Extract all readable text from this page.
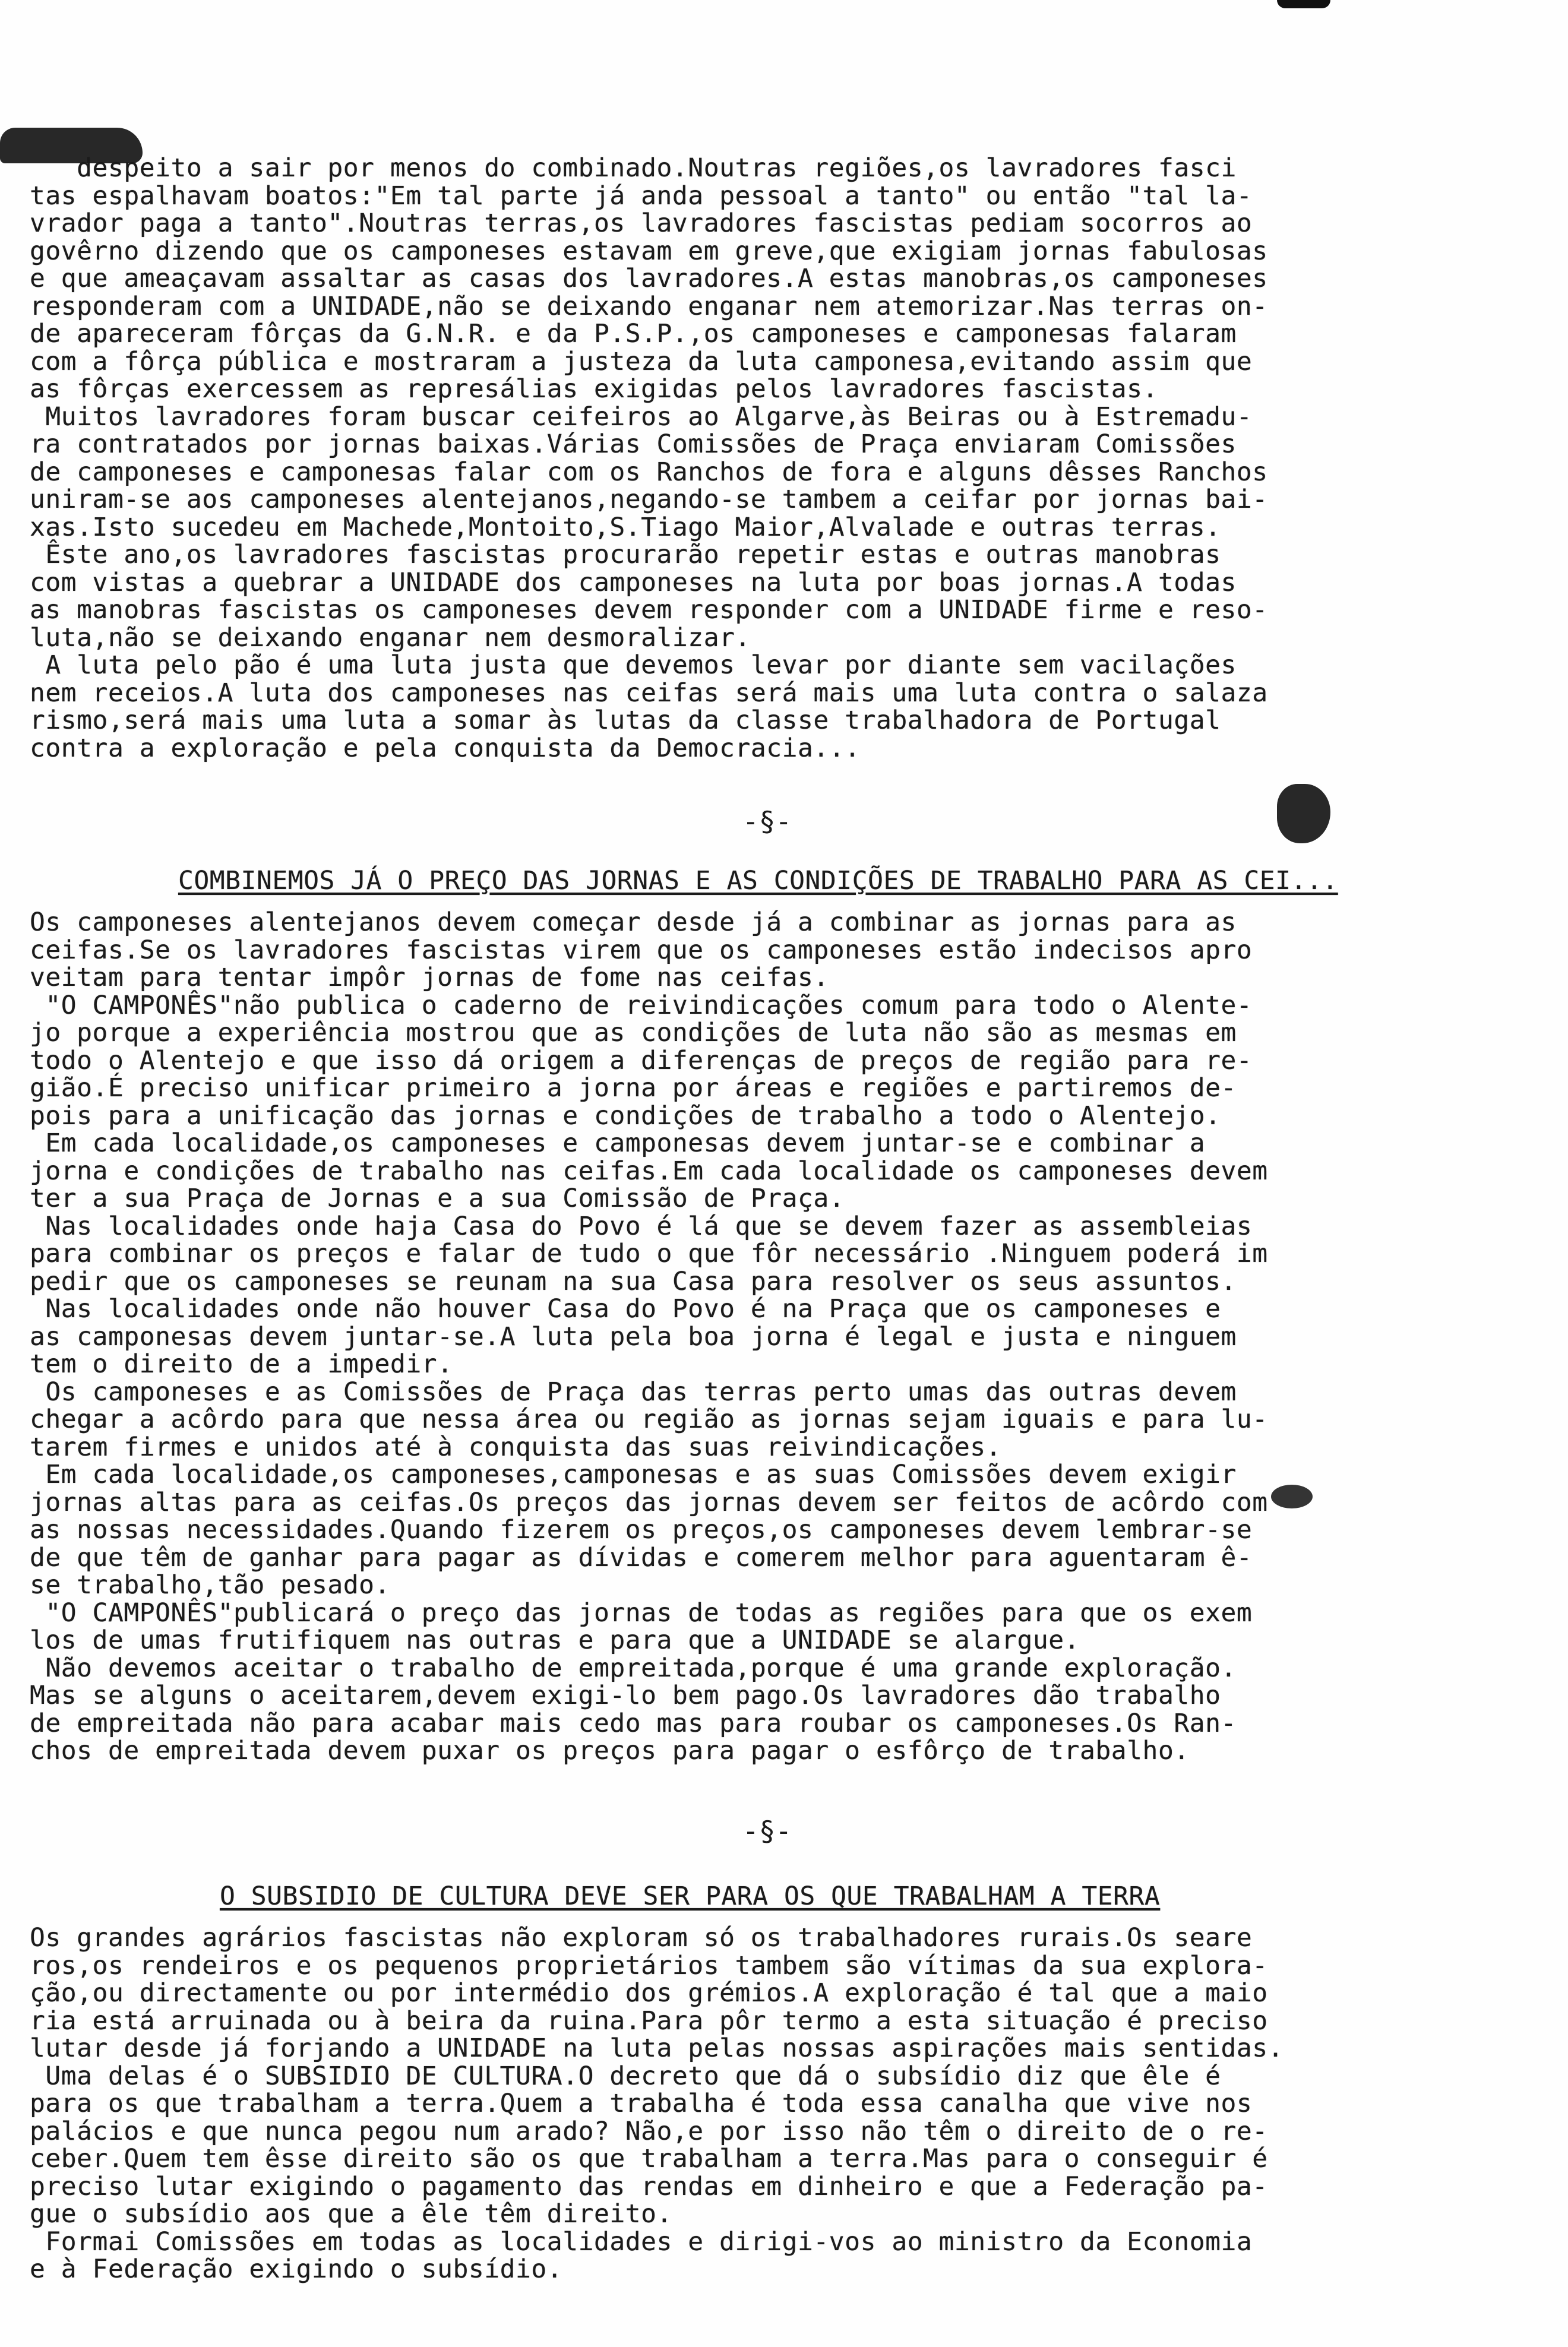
despeito a sair por menos do combinado.Noutras regiões,os lavradores fasci
tas espalhavam boatos:"Em tal parte já anda pessoal a tanto" ou então "tal la-
vrador paga a tanto".Noutras terras,os lavradores fascistas pediam socorros ao
govêrno dizendo que os camponeses estavam em greve,que exigiam jornas fabulosas
e que ameaçavam assaltar as casas dos lavradores.A estas manobras,os camponeses
responderam com a UNIDADE,não se deixando enganar nem atemorizar.Nas terras on-
de apareceram fôrças da G.N.R. e da P.S.P.,os camponeses e camponesas falaram
com a fôrça pública e mostraram a justeza da luta camponesa,evitando assim que
as fôrças exercessem as represálias exigidas pelos lavradores fascistas.
Muitos lavradores foram buscar ceifeiros ao Algarve,às Beiras ou à Estremadu-
ra contratados por jornas baixas.Várias Comissões de Praça enviaram Comissões
de camponeses e camponesas falar com os Ranchos de fora e alguns dêsses Ranchos
uniram-se aos camponeses alentejanos,negando-se tambem a ceifar por jornas bai-
xas.Isto sucedeu em Machede,Montoito,S.Tiago Maior,Alvalade e outras terras.
Êste ano,os lavradores fascistas procurarão repetir estas e outras manobras
com vistas a quebrar a UNIDADE dos camponeses na luta por boas jornas.A todas
as manobras fascistas os camponeses devem responder com a UNIDADE firme e reso-
luta,não se deixando enganar nem desmoralizar.
A luta pelo pão é uma luta justa que devemos levar por diante sem vacilações
nem receios.A luta dos camponeses nas ceifas será mais uma luta contra o salaza
rismo,será mais uma luta a somar às lutas da classe trabalhadora de Portugal
contra a exploração e pela conquista da Democracia...
-§-
COMBINEMOS JÁ O PREÇO DAS JORNAS E AS CONDIÇÕES DE TRABALHO PARA AS CEI...
Os camponeses alentejanos devem começar desde já a combinar as jornas para as
ceifas.Se os lavradores fascistas virem que os camponeses estão indecisos apro
veitam para tentar impôr jornas de fome nas ceifas.
"O CAMPONÊS"não publica o caderno de reivindicações comum para todo o Alente-
jo porque a experiência mostrou que as condições de luta não são as mesmas em
todo o Alentejo e que isso dá origem a diferenças de preços de região para re-
gião.É preciso unificar primeiro a jorna por áreas e regiões e partiremos de-
pois para a unificação das jornas e condições de trabalho a todo o Alentejo.
Em cada localidade,os camponeses e camponesas devem juntar-se e combinar a
jorna e condições de trabalho nas ceifas.Em cada localidade os camponeses devem
ter a sua Praça de Jornas e a sua Comissão de Praça.
Nas localidades onde haja Casa do Povo é lá que se devem fazer as assembleias
para combinar os preços e falar de tudo o que fôr necessário .Ninguem poderá im
pedir que os camponeses se reunam na sua Casa para resolver os seus assuntos.
Nas localidades onde não houver Casa do Povo é na Praça que os camponeses e
as camponesas devem juntar-se.A luta pela boa jorna é legal e justa e ninguem
tem o direito de a impedir.
Os camponeses e as Comissões de Praça das terras perto umas das outras devem
chegar a acôrdo para que nessa área ou região as jornas sejam iguais e para lu-
tarem firmes e unidos até à conquista das suas reivindicações.
Em cada localidade,os camponeses,camponesas e as suas Comissões devem exigir
jornas altas para as ceifas.Os preços das jornas devem ser feitos de acôrdo com
as nossas necessidades.Quando fizerem os preços,os camponeses devem lembrar-se
de que têm de ganhar para pagar as dívidas e comerem melhor para aguentaram ê-
se trabalho,tão pesado.
"O CAMPONÊS"publicará o preço das jornas de todas as regiões para que os exem
los de umas frutifiquem nas outras e para que a UNIDADE se alargue.
Não devemos aceitar o trabalho de empreitada,porque é uma grande exploração.
Mas se alguns o aceitarem,devem exigi-lo bem pago.Os lavradores dão trabalho
de empreitada não para acabar mais cedo mas para roubar os camponeses.Os Ran-
chos de empreitada devem puxar os preços para pagar o esfôrço de trabalho.
-§-
O SUBSIDIO DE CULTURA DEVE SER PARA OS QUE TRABALHAM A TERRA
Os grandes agrários fascistas não exploram só os trabalhadores rurais.Os seare
ros,os rendeiros e os pequenos proprietários tambem são vítimas da sua explora-
ção,ou directamente ou por intermédio dos grémios.A exploração é tal que a maio
ria está arruinada ou à beira da ruina.Para pôr termo a esta situação é preciso
lutar desde já forjando a UNIDADE na luta pelas nossas aspirações mais sentidas.
Uma delas é o SUBSIDIO DE CULTURA.O decreto que dá o subsídio diz que êle é
para os que trabalham a terra.Quem a trabalha é toda essa canalha que vive nos
palácios e que nunca pegou num arado? Não,e por isso não têm o direito de o re-
ceber.Quem tem êsse direito são os que trabalham a terra.Mas para o conseguir é
preciso lutar exigindo o pagamento das rendas em dinheiro e que a Federação pa-
gue o subsídio aos que a êle têm direito.
Formai Comissões em todas as localidades e dirigi-vos ao ministro da Economia
e à Federação exigindo o subsídio.
